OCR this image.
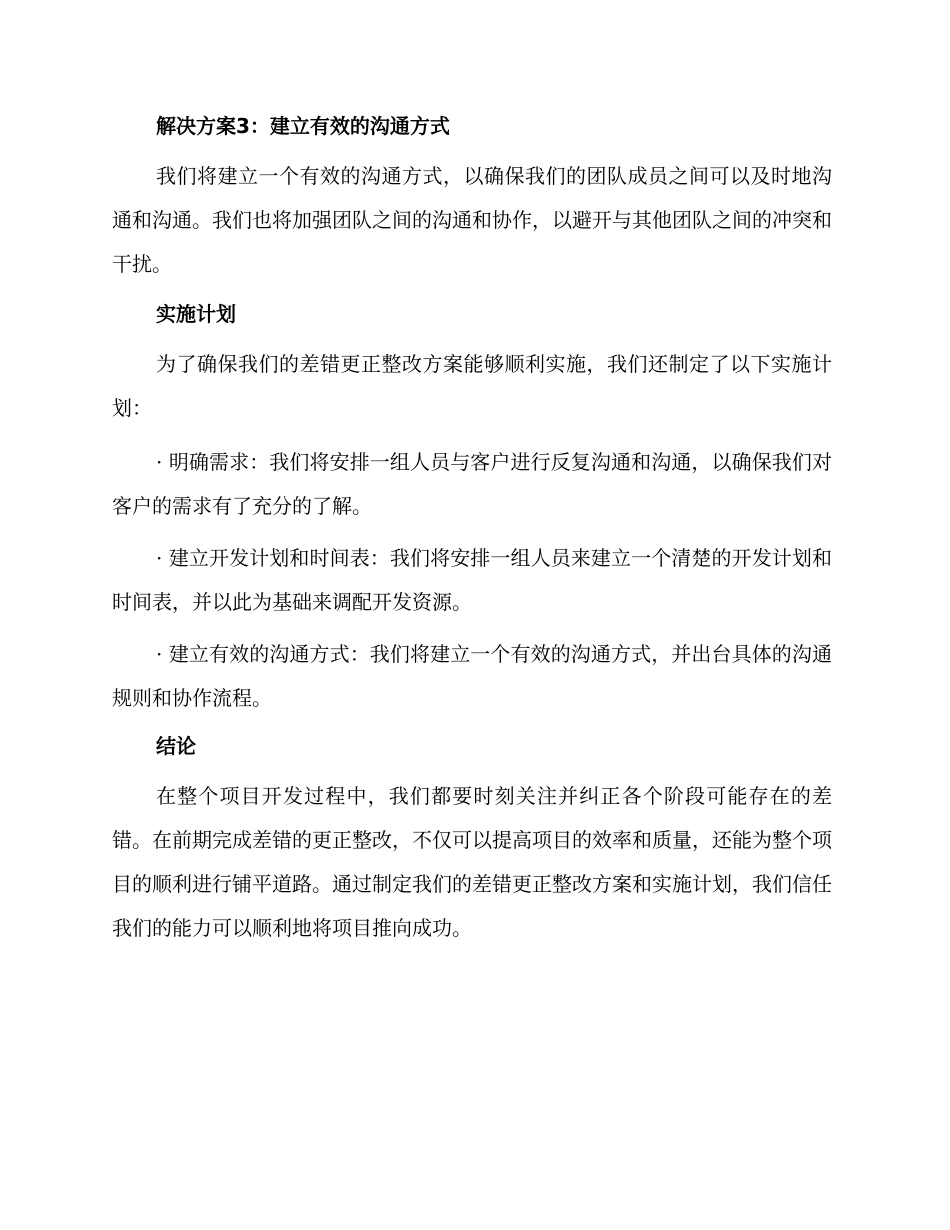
解决方案3：建立有效的沟通方式

我们将建立一个有效的沟通方式，以确保我们的团队成员之间可以及时地沟通和沟通。我们也将加强团队之间的沟通和协作，以避开与其他团队之间的冲突和干扰。

实施计划

为了确保我们的差错更正整改方案能够顺利实施，我们还制定了以下实施计划：

· 明确需求：我们将安排一组人员与客户进行反复沟通和沟通，以确保我们对客户的需求有了充分的了解。

· 建立开发计划和时间表：我们将安排一组人员来建立一个清楚的开发计划和时间表，并以此为基础来调配开发资源。

· 建立有效的沟通方式：我们将建立一个有效的沟通方式，并出台具体的沟通规则和协作流程。

结论

在整个项目开发过程中，我们都要时刻关注并纠正各个阶段可能存在的差错。在前期完成差错的更正整改，不仅可以提高项目的效率和质量，还能为整个项目的顺利进行铺平道路。通过制定我们的差错更正整改方案和实施计划，我们信任我们的能力可以顺利地将项目推向成功。
